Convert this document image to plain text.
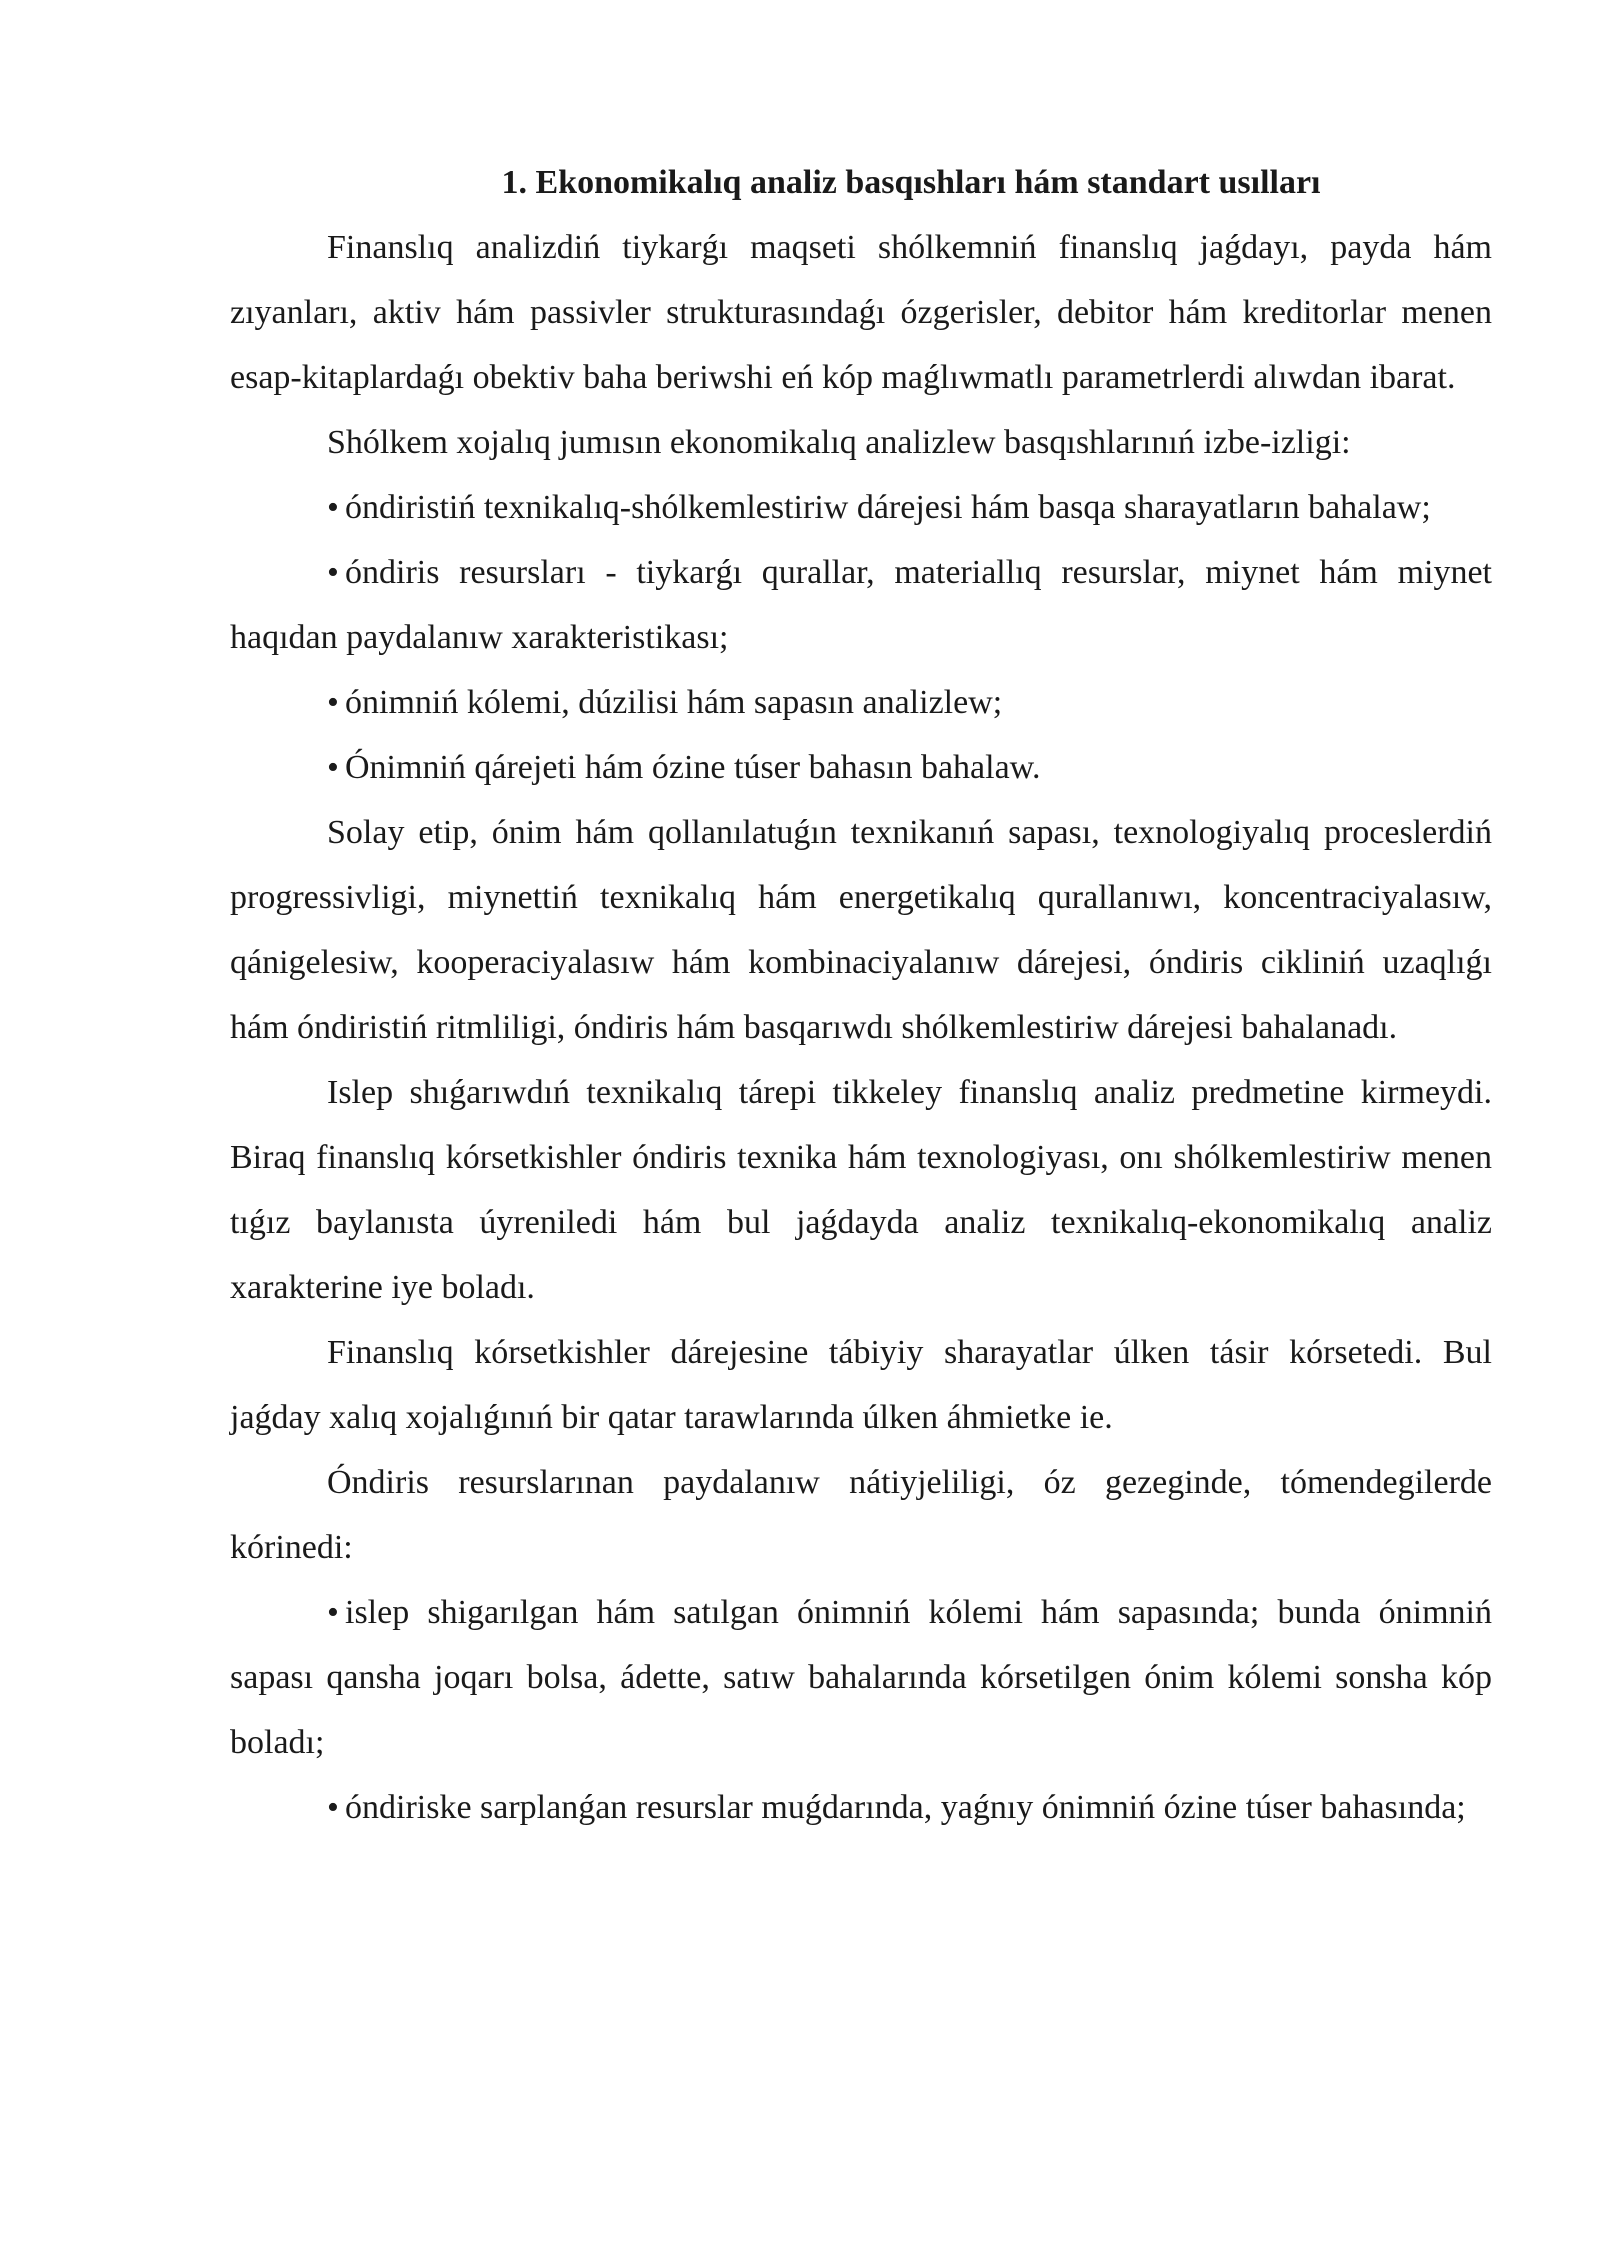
1. Ekonomikalıq analiz basqıshları hám standart usılları

Finanslıq analizdiń tiykarǵı maqseti shólkemniń finanslıq jaǵdayı, payda hám zıyanları, aktiv hám passivler strukturasındaǵı ózgerisler, debitor hám kreditorlar menen esap-kitaplardaǵı obektiv baha beriwshi eń kóp maǵlıwmatlı parametrlerdi alıwdan ibarat.

Shólkem xojalıq jumısın ekonomikalıq analizlew basqıshlarınıń izbe-izligi:

• óndiristiń texnikalıq-shólkemlestiriw dárejesi hám basqa sharayatların bahalaw;

• óndiris resursları - tiykarǵı qurallar, materiallıq resurslar, miynet hám miynet haqıdan paydalanıw xarakteristikası;

• ónimniń kólemi, dúzilisi hám sapasın analizlew;

• Ónimniń qárejeti hám ózine túser bahasın bahalaw.

Solay etip, ónim hám qollanılatuǵın texnikanıń sapası, texnologiyalıq proceslerdiń progressivligi, miynettiń texnikalıq hám energetikalıq qurallanıwı, koncentraciyalasıw, qánigelesiw, kooperaciyalasıw hám kombinaciyalanıw dárejesi, óndiris cikliniń uzaqlıǵı hám óndiristiń ritmliligi, óndiris hám basqarıwdı shólkemlestiriw dárejesi bahalanadı.

Islep shıǵarıwdıń texnikalıq tárepi tikkeley finanslıq analiz predmetine kirmeydi. Biraq finanslıq kórsetkishler óndiris texnika hám texnologiyası, onı shólkemlestiriw menen tıǵız baylanısta úyreniledi hám bul jaǵdayda analiz texnikalıq-ekonomikalıq analiz xarakterine iye boladı.

Finanslıq kórsetkishler dárejesine tábiyiy sharayatlar úlken tásir kórsetedi. Bul jaǵday xalıq xojalıǵınıń bir qatar tarawlarında úlken áhmietke ie.

Óndiris resurslarınan paydalanıw nátiyjeliligi, óz gezeginde, tómendegilerde kórinedi:

• islep shigarılgan hám satılgan ónimniń kólemi hám sapasında; bunda ónimniń sapası qansha joqarı bolsa, ádette, satıw bahalarında kórsetilgen ónim kólemi sonsha kóp boladı;

• óndiriske sarplanǵan resurslar muǵdarında, yaǵnıy ónimniń ózine túser bahasında;
